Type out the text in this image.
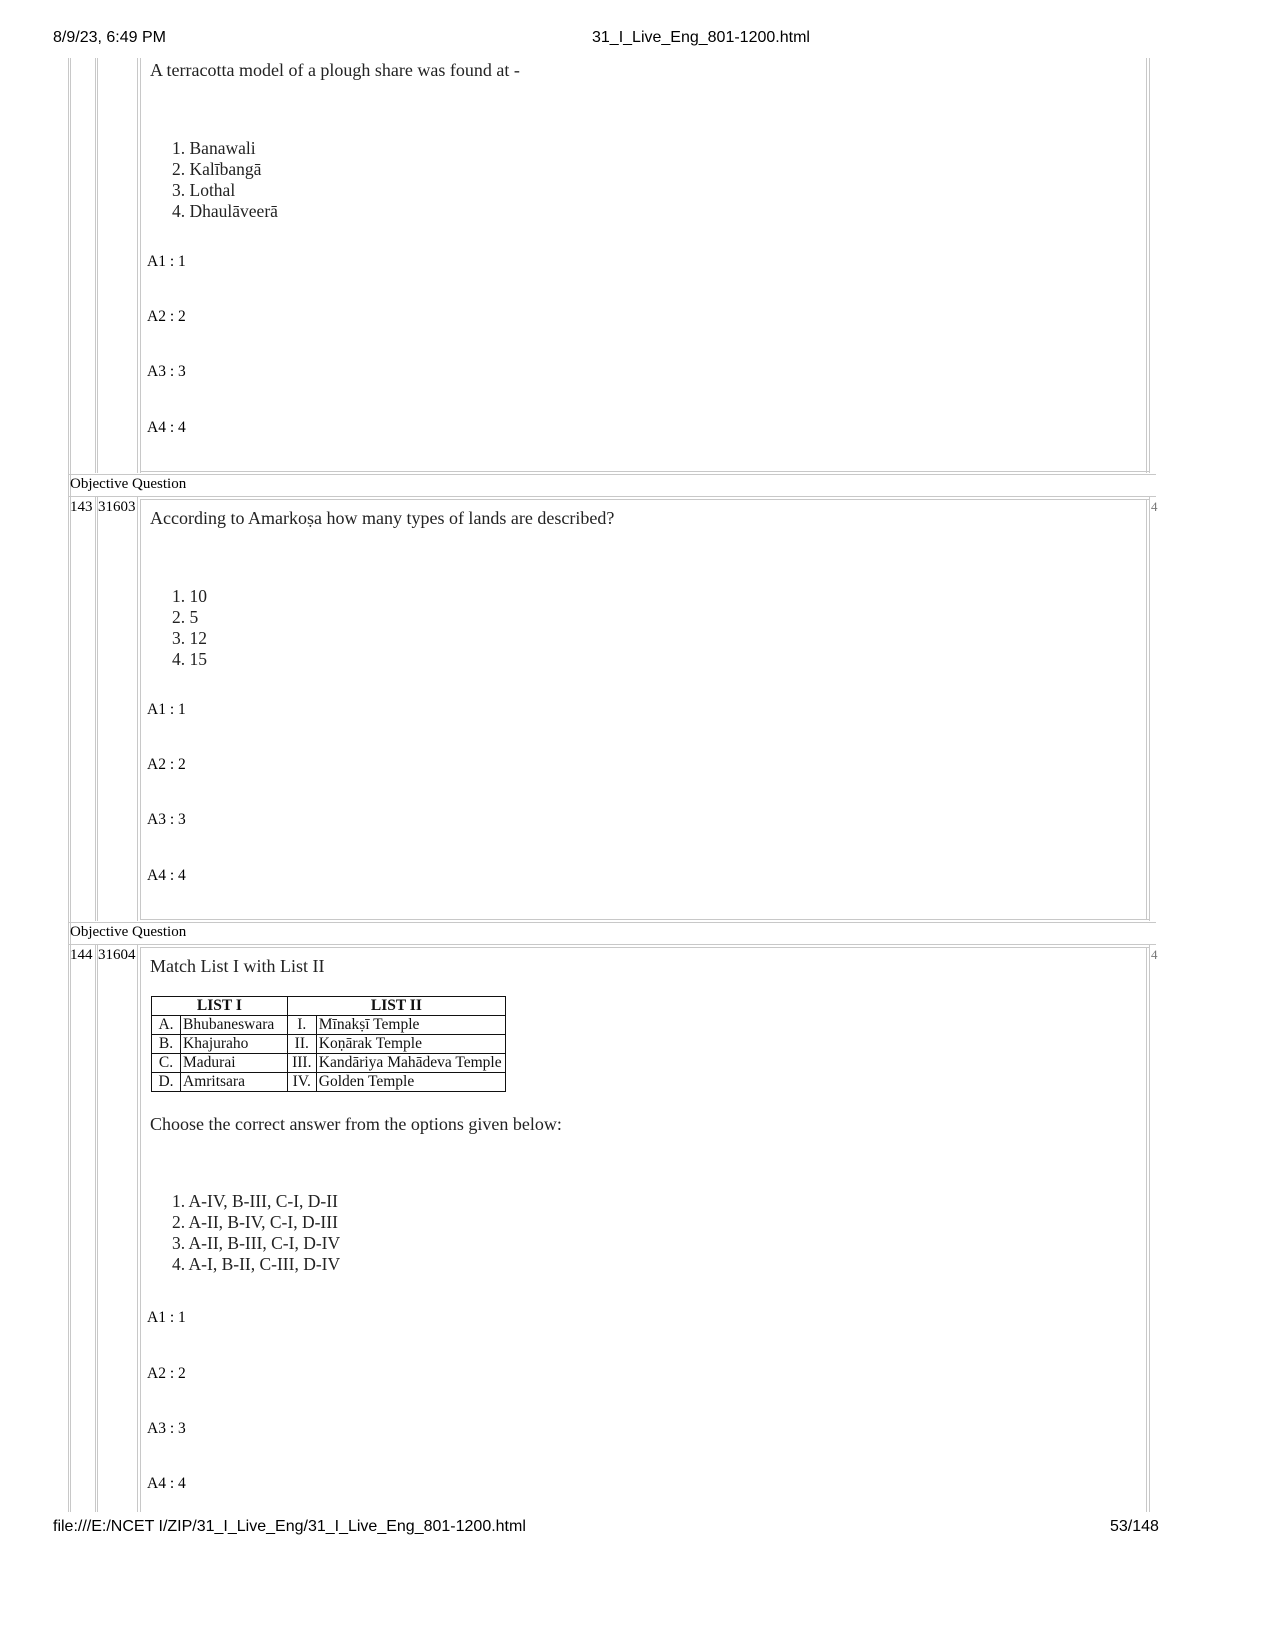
8/9/23, 6:49 PM	31_I_Live_Eng_801-1200.html
A terracotta model of a plough share was found at -
1. Banawali
2. Kalībangā
3. Lothal
4. Dhaulāveerā
A1 : 1
A2 : 2
A3 : 3
A4 : 4
Objective Question
143 31603	4
According to Amarkoṣa how many types of lands are described?
1. 10
2. 5
3. 12
4. 15
A1 : 1
A2 : 2
A3 : 3
A4 : 4
Objective Question
144 31604	4
Match List I with List II
LIST I		LIST II	
A.	Bhubaneswara	I.	Mīnakṣī Temple
B.	Khajuraho	II.	Koṇārak Temple
C.	Madurai	III.	Kandāriya Mahādeva Temple
D.	Amritsara	IV.	Golden Temple
Choose the correct answer from the options given below:
1. A-IV, B-III, C-I, D-II
2. A-II, B-IV, C-I, D-III
3. A-II, B-III, C-I, D-IV
4. A-I, B-II, C-III, D-IV
A1 : 1
A2 : 2
A3 : 3
A4 : 4
file:///E:/NCET I/ZIP/31_I_Live_Eng/31_I_Live_Eng_801-1200.html	53/148
